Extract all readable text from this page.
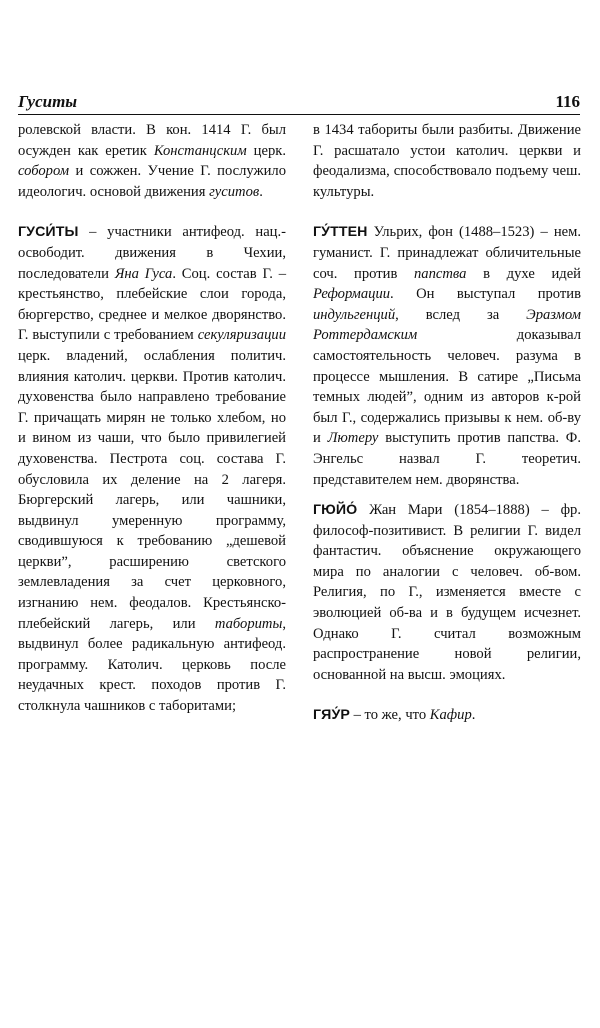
Гуситы	116

ролевской власти. В кон. 1414 Г. был осужден как еретик Констанцским церк. собором и сожжен. Учение Г. послужило идеологич. основой движения гуситов.

ГУСИ́ТЫ – участники антифеод. нац.-освободит. движения в Чехии, последователи Яна Гуса. Соц. состав Г. – крестьянство, плебейские слои города, бюргерство, среднее и мелкое дворянство. Г. выступили с требованием секуляризации церк. владений, ослабления политич. влияния католич. церкви. Против католич. духовенства было направлено требование Г. причащать мирян не только хлебом, но и вином из чаши, что было привилегией духовенства. Пестрота соц. состава Г. обусловила их деление на 2 лагеря. Бюргерский лагерь, или чашники, выдвинул умеренную программу, сводившуюся к требованию „дешевой церкви”, расширению светского землевладения за счет церковного, изгнанию нем. феодалов. Крестьянско-плебейский лагерь, или табориты, выдвинул более радикальную антифеод. программу. Католич. церковь после неудачных крест. походов против Г. столкнула чашников с таборитами;

в 1434 табориты были разбиты. Движение Г. расшатало устои католич. церкви и феодализма, способствовало подъему чеш. культуры.

ГУ́ТТЕН Ульрих, фон (1488–1523) – нем. гуманист. Г. принадлежат обличительные соч. против папства в духе идей Реформации. Он выступал против индульгенций, вслед за Эразмом Роттердамским доказывал самостоятельность человеч. разума в процессе мышления. В сатире „Письма темных людей”, одним из авторов к-рой был Г., содержались призывы к нем. об-ву и Лютеру выступить против папства. Ф. Энгельс назвал Г. теоретич. представителем нем. дворянства.

ГЮЙО́ Жан Мари (1854–1888) – фр. философ-позитивист. В религии Г. видел фантастич. объяснение окружающего мира по аналогии с человеч. об-вом. Религия, по Г., изменяется вместе с эволюцией об-ва и в будущем исчезнет. Однако Г. считал возможным распространение новой религии, основанной на высш. эмоциях.

ГЯУ́Р – то же, что Кафир.
